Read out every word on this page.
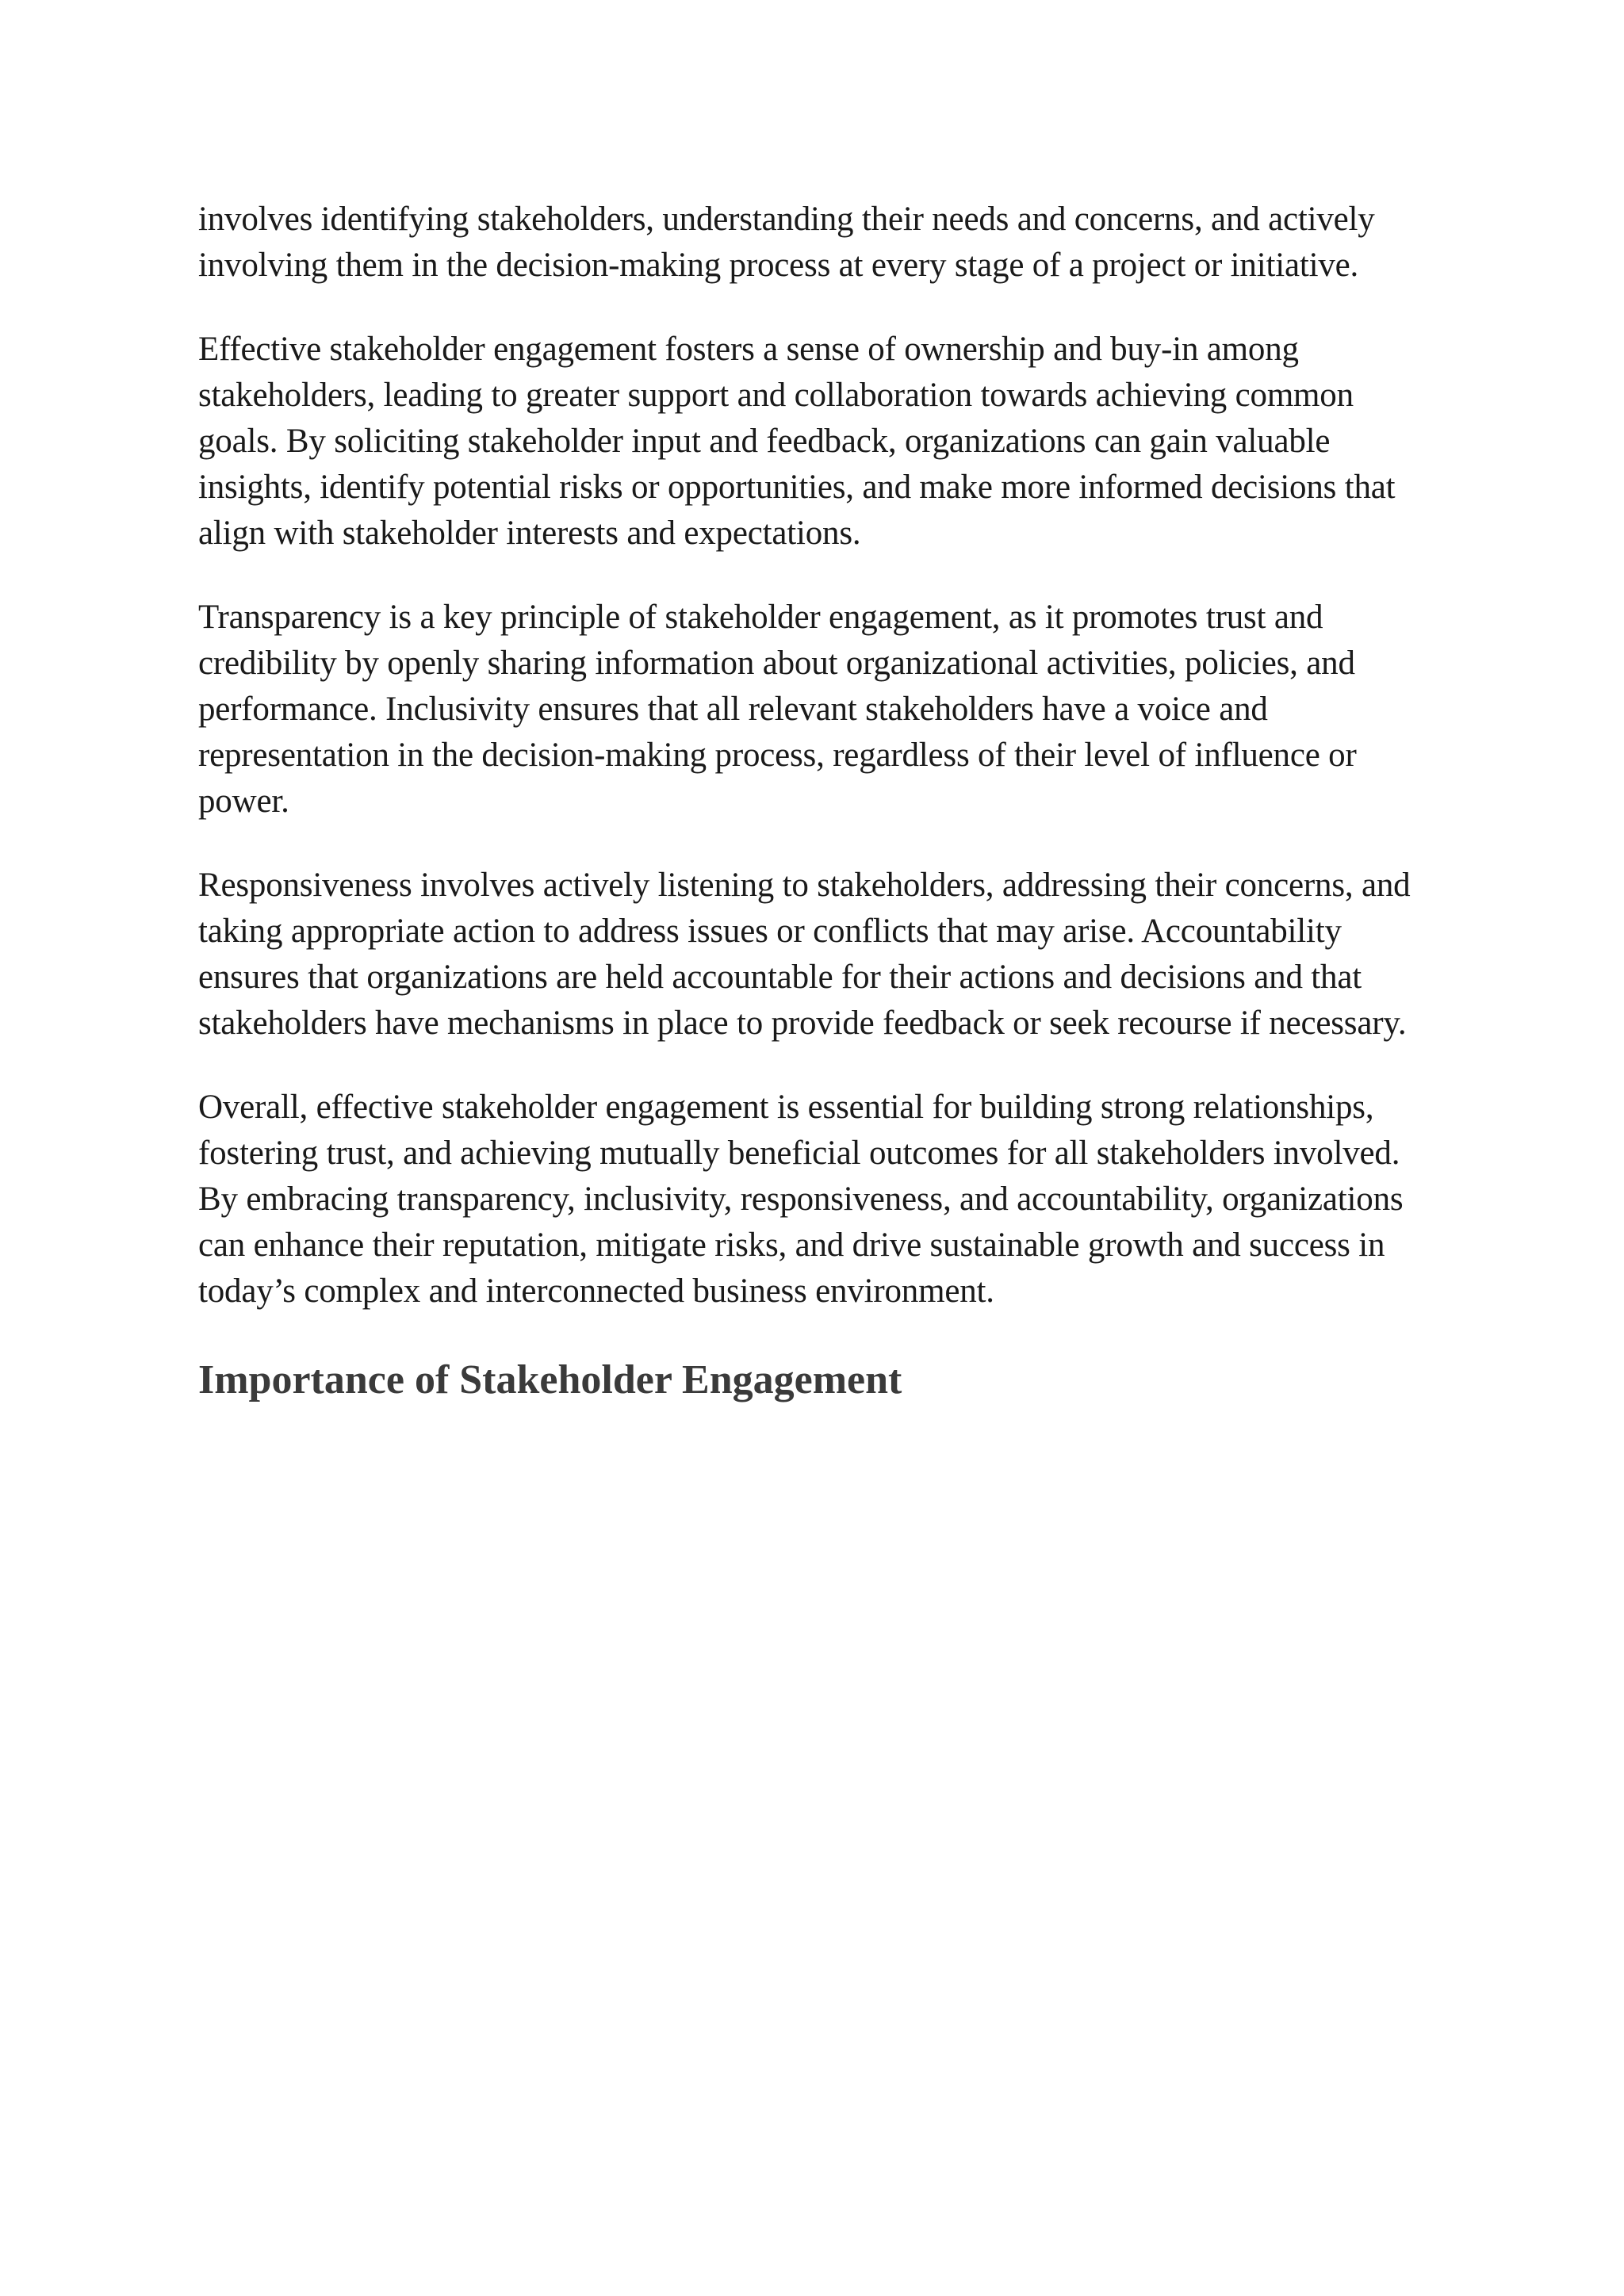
involves identifying stakeholders, understanding their needs and concerns, and actively involving them in the decision-making process at every stage of a project or initiative.

Effective stakeholder engagement fosters a sense of ownership and buy-in among stakeholders, leading to greater support and collaboration towards achieving common goals. By soliciting stakeholder input and feedback, organizations can gain valuable insights, identify potential risks or opportunities, and make more informed decisions that align with stakeholder interests and expectations.

Transparency is a key principle of stakeholder engagement, as it promotes trust and credibility by openly sharing information about organizational activities, policies, and performance. Inclusivity ensures that all relevant stakeholders have a voice and representation in the decision-making process, regardless of their level of influence or power.

Responsiveness involves actively listening to stakeholders, addressing their concerns, and taking appropriate action to address issues or conflicts that may arise. Accountability ensures that organizations are held accountable for their actions and decisions and that stakeholders have mechanisms in place to provide feedback or seek recourse if necessary.

Overall, effective stakeholder engagement is essential for building strong relationships, fostering trust, and achieving mutually beneficial outcomes for all stakeholders involved. By embracing transparency, inclusivity, responsiveness, and accountability, organizations can enhance their reputation, mitigate risks, and drive sustainable growth and success in today’s complex and interconnected business environment.

Importance of Stakeholder Engagement
